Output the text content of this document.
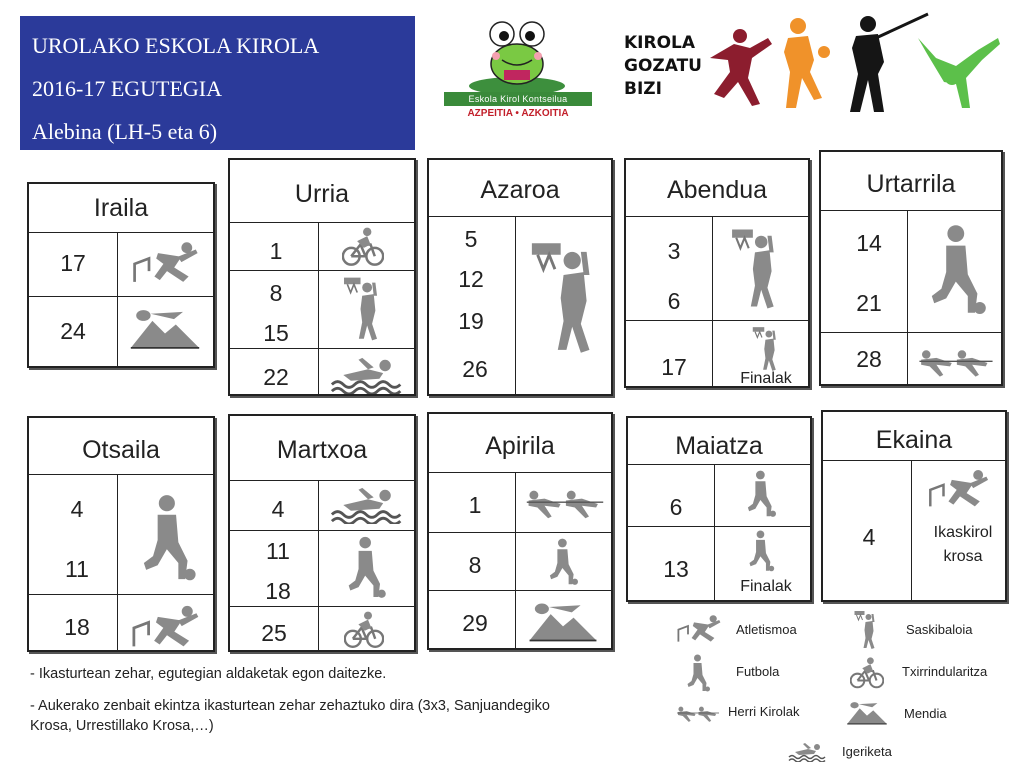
UROLAKO ESKOLA KIROLA
2016-17 EGUTEGIA
Alebina (LH-5 eta 6)
Eskola Kirol Kontseilua
AZPEITIA • AZKOITIA
KIROLA
GOZATU
BIZI
Iraila
17
24
Urria
1
8
15
22
Azaroa
5
12
19
26
Abendua
3
6
17	Finalak
Urtarrila
14
21
28
Otsaila
4
11
18
Martxoa
4
11
18
25
Apirila
1
8
29
Maiatza
6
13
Finalak
Ekaina
4	Ikaskirol
krosa
- Ikasturtean zehar, egutegian aldaketak egon daitezke.
- Aukerako zenbait ekintza ikasturtean zehar zehaztuko dira (3x3, Sanjuandegiko
Krosa, Urrestillako Krosa,…)
Atletismoa
Futbola
Herri Kirolak
Igeriketa
Saskibaloia
Txirrindularitza
Mendia
